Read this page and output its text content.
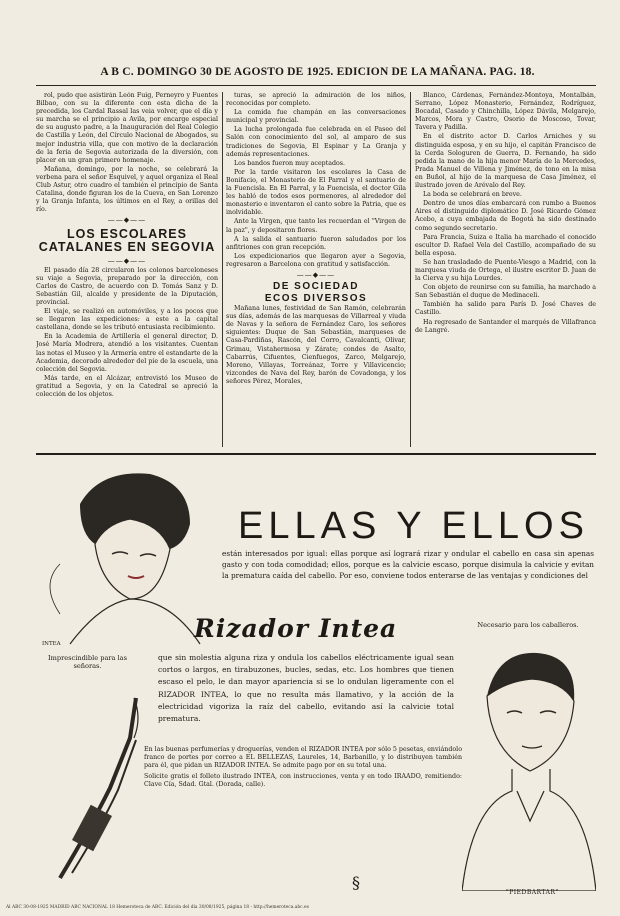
A B C. DOMINGO 30 DE AGOSTO DE 1925. EDICION DE LA MAÑANA. PAG. 18.

rol, pudo que asistirán León Fuig, Perneyro y Fuentes Bilbao, con su la diferente con esta dicha de la precedida, los Cardal Rassal las veia volver, que el día y su marcha se el principio a Avila, por encarge especial de su augusto padre, a la Inauguración del Real Colegio de Castilla y León, del Círculo Nacional de Abogados, su mejor industria villa, que con motivo de la declaración de la feria de Segovia autorizada de la diversión, con placer en un gran primero homenaje.

Mañana, domingo, por la noche, se celebrará la verbena para el señor Esquivel, y aquel organiza el Real Club Astur, otro cuadro el también el principio de Santa Catalina, donde figuran los de la Cueva, en San Lorenzo y la Granja Infanta, los últimos en el Rey, a orillas del río.

——◆——
LOS ESCOLARES CATALANES EN SEGOVIA
——◆——

El pasado día 28 circularon los colonos barceloneses su viaje a Segovia, preparado por la dirección, con Carlos de Castro, de acuerdo con D. Tomás Sanz y D. Sebastián Gil, alcalde y presidente de la Diputación, provincial.

El viaje, se realizó en automóviles, y a los pocos que se llegaron las expediciones: a este a la capital castellana, donde se les tributó entusiasta recibimiento.

En la Academia de Artillería el general director, D. José María Modrera, atendió a los visitantes. Cuentan las notas el Museo y la Armería entre el estandarte de la Academia, decorado alrededor del pie de la escuela, una colección del Segovia.

Más tarde, en el Alcázar, entrevistó los Museo de gratitud a Segovia, y en la Catedral se apreció la colección de los objetos.

turas, se apreció la admiración de los niños, reconocidas por completo.

La comida fue champán en las conversaciones municipal y provincial.

La lucha prolongada fue celebrada en el Paseo del Salón con conocimiento del sol, al amparo de sus tradiciones de Segovia, El Espinar y La Granja y además representaciones.

Los bandos fueron muy aceptados.

Por la tarde visitaron los escolares la Casa de Bonifacio, el Monasterio de El Parral y el santuario de la Fuencisla. En El Parral, y la Fuencisla, el doctor Gila les habló de todos esos pormenores, al alrededor del monasterio e inventaron el canto sobre la Patria, que es inolvidable.

Ante la Virgen, que tanto les recuerdan el "Virgen de la paz", y depositaron flores.

A la salida el santuario fueron saludados por los anfitriones con gran recepción.

Los expedicionarios que llegaron ayer a Segovia, regresaron a Barcelona con gratitud y satisfacción.

——◆——
DE SOCIEDAD
ECOS DIVERSOS

Mañana lunes, festividad de San Ramón, celebrarán sus días, además de las marquesas de Villarreal y viuda de Navas y la señora de Fernández Caro, los señores siguientes: Duque de San Sebastián, marqueses de Casa-Pardiñas, Rascón, del Corro, Cavalcanti, Olivar, Grimau, Vistahermosa y Zárate; condes de Asalto, Cabarrús, Cifuentes, Cienfuegos, Zarco, Melgarejo, Moreno, Villayas, Torreánaz, Torre y Villavicencio; vizcondes de Nava del Rey, barón de Covadonga, y los señores Pérez, Morales,

Blanco, Cárdenas, Fernández-Montoya, Montalbán, Serrano, López Monasterio, Fernández, Rodríguez, Bocadal, Casado y Chinchilla, López Dávila, Melgarejo, Marcos, Mora y Castro, Osorio de Moscoso, Tovar, Tavera y Padilla.

En el distrito actor D. Carlos Arniches y su distinguida esposa, y en su hijo, el capitán Francisco de la Cerda Sologuren de Guerra, D. Fernando, ha sido pedida la mano de la hija menor María de la Mercedes, Prada Manuel de Villena y Jiménez, de tono en la misa en Buñol, al hijo de la marquesa de Casa Jiménez, el ilustrado joven de Arévalo del Rey.

La boda se celebrará en breve.

Dentro de unos días embarcará con rumbo a Buenos Aires el distinguido diplomático D. José Ricardo Gómez Acebo, a cuya embajada de Bogotá ha sido destinado como segundo secretario.

Para Francia, Suiza e Italia ha marchado el conocido escultor D. Rafael Vela del Castillo, acompañado de su bella esposa.

Se han trasladado de Puente-Viesgo a Madrid, con la marquesa viuda de Ortega, el ilustre escritor D. Juan de la Cierva y su hija Lourdes.

Con objeto de reunirse con su familia, ha marchado a San Sebastián el duque de Medinaceli.

También ha salido para París D. José Chaves de Castillo.

Ha regresado de Santander el marqués de Villafranca de Langré.

INTEA
ELLAS Y ELLOS
están interesados por igual: ellas porque así logrará rizar y ondular el cabello en casa sin apenas gasto y con toda comodidad; ellos, porque es la calvicie escaso, porque disimula la calvicie y evitan la prematura caída del cabello. Por eso, conviene todos enterarse de las ventajas y condiciones del
Rizador Intea	Necesario para los caballeros.
Imprescindible para las señoras.
que sin molestia alguna riza y ondula los cabellos eléctricamente igual sean cortos o largos, en tirabuzones, bucles, sedas, etc. Los hombres que tienen escaso el pelo, le dan mayor apariencia si se lo ondulan ligeramente con el RIZADOR INTEA, lo que no resulta más llamativo, y la acción de la electricidad vigoriza la raíz del cabello, evitando así la calvicie total prematura.
En las buenas perfumerías y droguerías, venden el RIZADOR INTEA por sólo 5 pesetas, enviándolo franco de portes por correo a EL BELLEZAS, Laureles, 14, Barbanillo, y lo distribuyen también para él, que pidan un RIZADOR INTEA. Se admite pago por en su total una.
Solicite gratis el folleto ilustrado INTEA, con instrucciones, venta y en todo IRAADO, remitiendo: Clave Cía, Sdad. Gtal. (Dorada, calle).
"PIEDBARTAR"
§
Al ABC 30-08-1925 MADRID ABC NACIONAL 18 Hemeroteca de ABC. Edición del día 30/08/1925, página 18 - http://hemeroteca.abc.es
